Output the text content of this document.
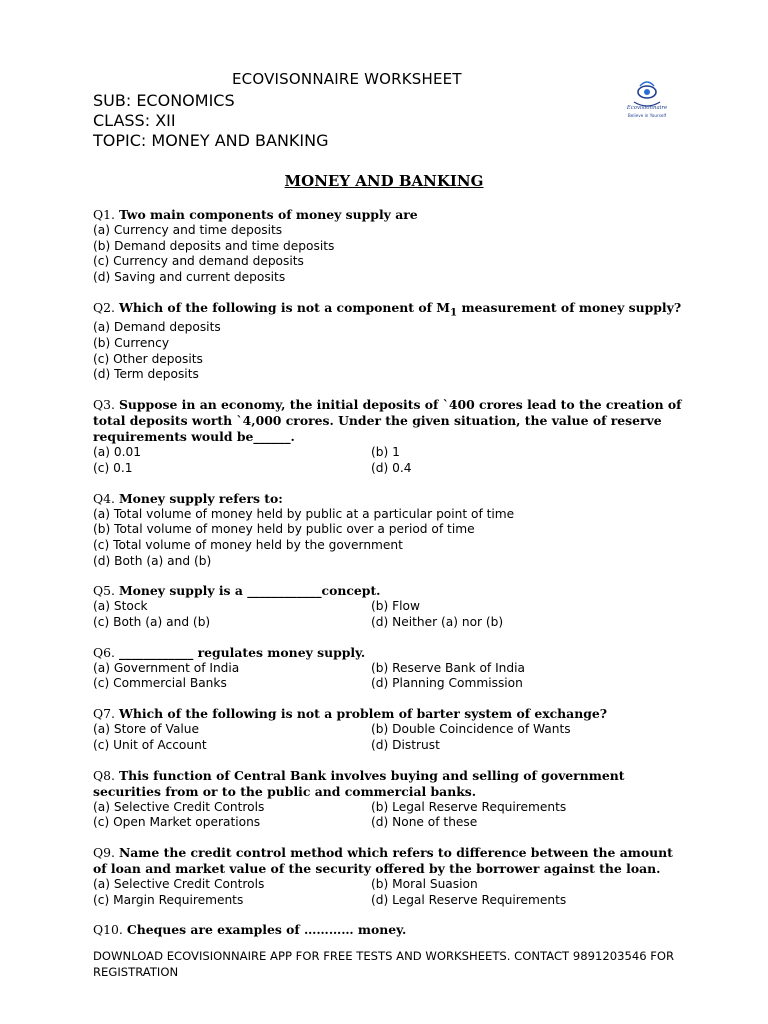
ECOVISONNAIRE WORKSHEET
SUB: ECONOMICS
CLASS: XII
TOPIC: MONEY AND BANKING
Ecovisionnaire
Believe in Yourself
MONEY AND BANKING
Q1. Two main components of money supply are
(a) Currency and time deposits
(b) Demand deposits and time deposits
(c) Currency and demand deposits
(d) Saving and current deposits
Q2. Which of the following is not a component of $M_1$ measurement of money supply?
(a) Demand deposits
(b) Currency
(c) Other deposits
(d) Term deposits
Q3. Suppose in an economy, the initial deposits of `400 crores lead to the creation of total deposits worth `4,000 crores. Under the given situation, the value of reserve requirements would be______.
(a) 0.01	(b) 1
(c) 0.1	(d) 0.4
Q4. Money supply refers to:
(a) Total volume of money held by public at a particular point of time
(b) Total volume of money held by public over a period of time
(c) Total volume of money held by the government
(d) Both (a) and (b)
Q5. Money supply is a ____________concept.
(a) Stock	(b) Flow
(c) Both (a) and (b)	(d) Neither (a) nor (b)
Q6. ____________ regulates money supply.
(a) Government of India	(b) Reserve Bank of India
(c) Commercial Banks	(d) Planning Commission
Q7. Which of the following is not a problem of barter system of exchange?
(a) Store of Value	(b) Double Coincidence of Wants
(c) Unit of Account	(d) Distrust
Q8. This function of Central Bank involves buying and selling of government securities from or to the public and commercial banks.
(a) Selective Credit Controls	(b) Legal Reserve Requirements
(c) Open Market operations	(d) None of these
Q9. Name the credit control method which refers to difference between the amount of loan and market value of the security offered by the borrower against the loan.
(a) Selective Credit Controls	(b) Moral Suasion
(c) Margin Requirements	(d) Legal Reserve Requirements
Q10. Cheques are examples of ………… money.
DOWNLOAD ECOVISIONNAIRE APP FOR FREE TESTS AND WORKSHEETS. CONTACT 9891203546 FOR REGISTRATION
